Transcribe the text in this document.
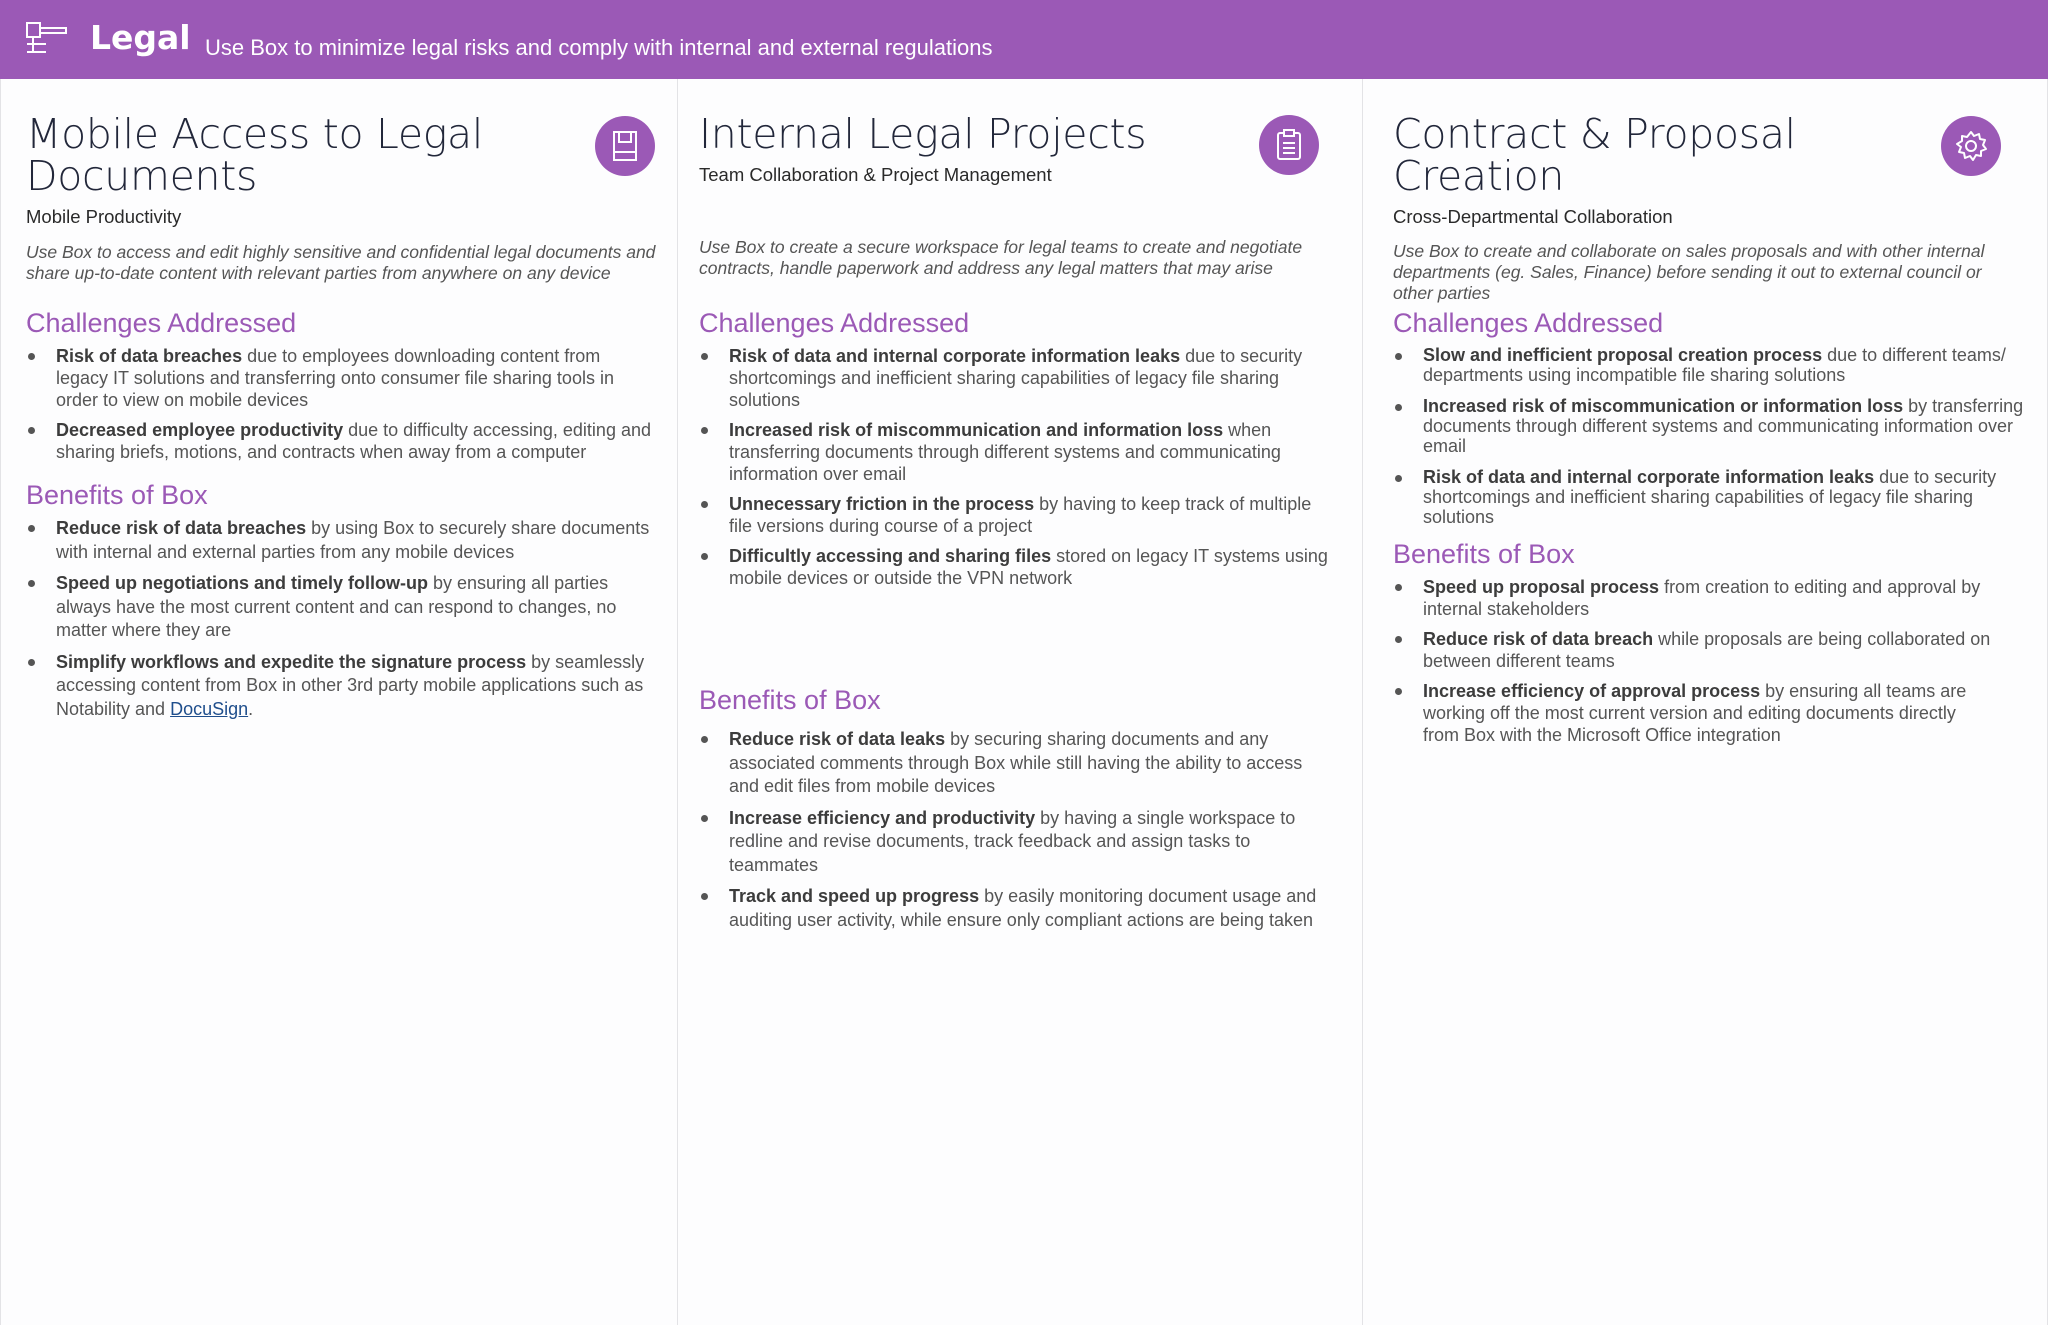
Legal Use Box to minimize legal risks and comply with internal and external regulations
Mobile Access to Legal Documents
Mobile Productivity
Use Box to access and edit highly sensitive and confidential legal documents and share up-to-date content with relevant parties from anywhere on any device
Challenges Addressed
Risk of data breaches due to employees downloading content from legacy IT solutions and transferring onto consumer file sharing tools in order to view on mobile devices
Decreased employee productivity due to difficulty accessing, editing and sharing briefs, motions, and contracts when away from a computer
Benefits of Box
Reduce risk of data breaches by using Box to securely share documents with internal and external parties from any mobile devices
Speed up negotiations and timely follow-up by ensuring all parties always have the most current content and can respond to changes, no matter where they are
Simplify workflows and expedite the signature process by seamlessly accessing content from Box in other 3rd party mobile applications such as Notability and DocuSign.
Internal Legal Projects
Team Collaboration & Project Management
Use Box to create a secure workspace for legal teams to create and negotiate contracts, handle paperwork and address any legal matters that may arise
Challenges Addressed
Risk of data and internal corporate information leaks due to security shortcomings and inefficient sharing capabilities of legacy file sharing solutions
Increased risk of miscommunication and information loss when transferring documents through different systems and communicating information over email
Unnecessary friction in the process by having to keep track of multiple file versions during course of a project
Difficultly accessing and sharing files stored on legacy IT systems using mobile devices or outside the VPN network
Benefits of Box
Reduce risk of data leaks by securing sharing documents and any associated comments through Box while still having the ability to access and edit files from mobile devices
Increase efficiency and productivity by having a single workspace to redline and revise documents, track feedback and assign tasks to teammates
Track and speed up progress by easily monitoring document usage and auditing user activity, while ensure only compliant actions are being taken
Contract & Proposal Creation
Cross-Departmental Collaboration
Use Box to create and collaborate on sales proposals and with other internal departments (eg. Sales, Finance) before sending it out to external council or other parties
Challenges Addressed
Slow and inefficient proposal creation process due to different teams/ departments using incompatible file sharing solutions
Increased risk of miscommunication or information loss by transferring documents through different systems and communicating information over email
Risk of data and internal corporate information leaks due to security shortcomings and inefficient sharing capabilities of legacy file sharing solutions
Benefits of Box
Speed up proposal process from creation to editing and approval by internal stakeholders
Reduce risk of data breach while proposals are being collaborated on between different teams
Increase efficiency of approval process by ensuring all teams are working off the most current version and editing documents directly from Box with the Microsoft Office integration
